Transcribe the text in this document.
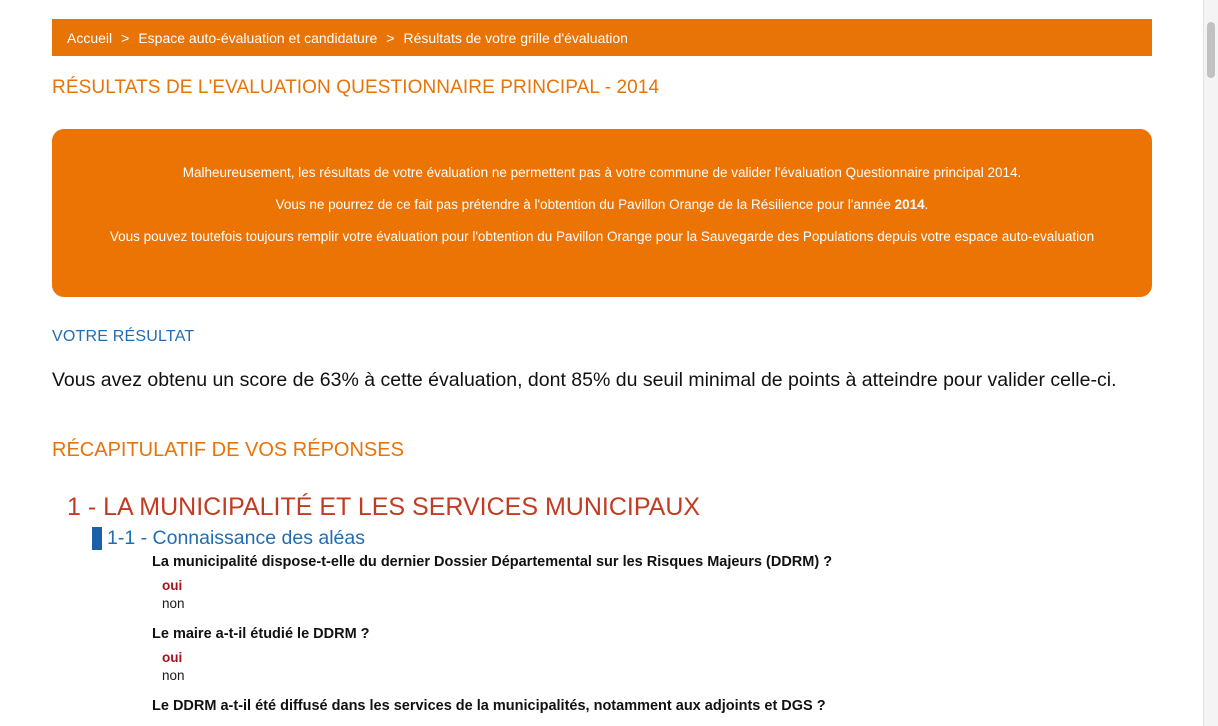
Accueil > Espace auto-évaluation et candidature > Résultats de votre grille d'évaluation
RÉSULTATS DE L'EVALUATION QUESTIONNAIRE PRINCIPAL - 2014

Malheureusement, les résultats de votre évaluation ne permettent pas à votre commune de valider l'évaluation Questionnaire principal 2014.

Vous ne pourrez de ce fait pas prétendre à l'obtention du Pavillon Orange de la Résilience pour l'année 2014.

Vous pouvez toutefois toujours remplir votre évaluation pour l'obtention du Pavillon Orange pour la Sauvegarde des Populations depuis votre espace auto-evaluation

VOTRE RÉSULTAT

Vous avez obtenu un score de 63% à cette évaluation, dont 85% du seuil minimal de points à atteindre pour valider celle-ci.

RÉCAPITULATIF DE VOS RÉPONSES
1 - LA MUNICIPALITÉ ET LES SERVICES MUNICIPAUX
1-1 - Connaissance des aléas

La municipalité dispose-t-elle du dernier Dossier Départemental sur les Risques Majeurs (DDRM) ?

oui

non

Le maire a-t-il étudié le DDRM ?

oui

non

Le DDRM a-t-il été diffusé dans les services de la municipalités, notamment aux adjoints et DGS ?
